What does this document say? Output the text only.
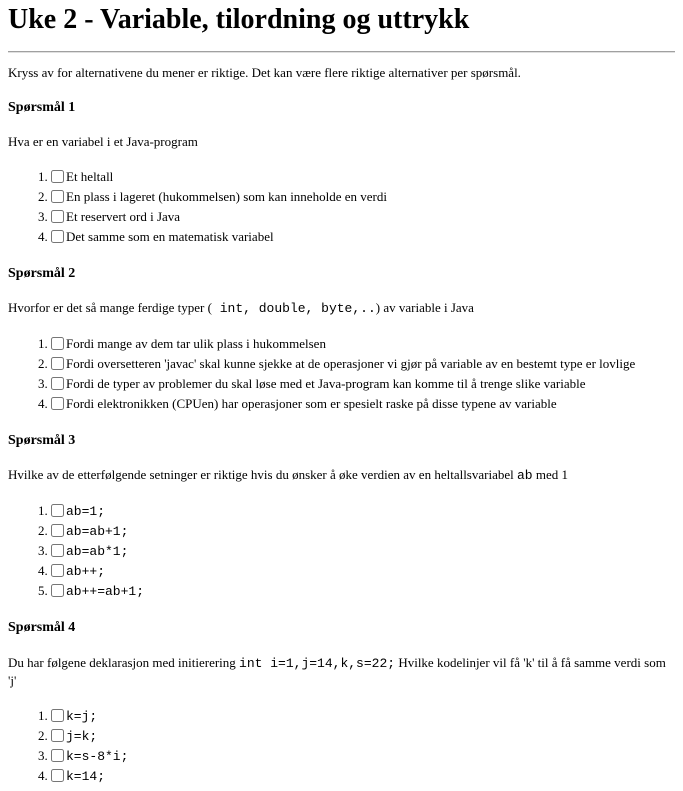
Uke 2 - Variable, tilordning og uttrykk

Kryss av for alternativene du mener er riktige. Det kan være flere riktige alternativer per spørsmål.

Spørsmål 1

Hva er en variabel i et Java-program

1. Et heltall
2. En plass i lageret (hukommelsen) som kan inneholde en verdi
3. Et reservert ord i Java
4. Det samme som en matematisk variabel
Spørsmål 2

Hvorfor er det så mange ferdige typer ( int, double, byte,..) av variable i Java

1. Fordi mange av dem tar ulik plass i hukommelsen
2. Fordi oversetteren 'javac' skal kunne sjekke at de operasjoner vi gjør på variable av en bestemt type er lovlige
3. Fordi de typer av problemer du skal løse med et Java-program kan komme til å trenge slike variable
4. Fordi elektronikken (CPUen) har operasjoner som er spesielt raske på disse typene av variable
Spørsmål 3

Hvilke av de etterfølgende setninger er riktige hvis du ønsker å øke verdien av en heltallsvariabel ab med 1

1. ab=1;
2. ab=ab+1;
3. ab=ab*1;
4. ab++;
5. ab++=ab+1;
Spørsmål 4

Du har følgene deklarasjon med initierering int i=1,j=14,k,s=22; Hvilke kodelinjer vil få 'k' til å få samme verdi som 'j'

1. k=j;
2. j=k;
3. k=s-8*i;
4. k=14;
